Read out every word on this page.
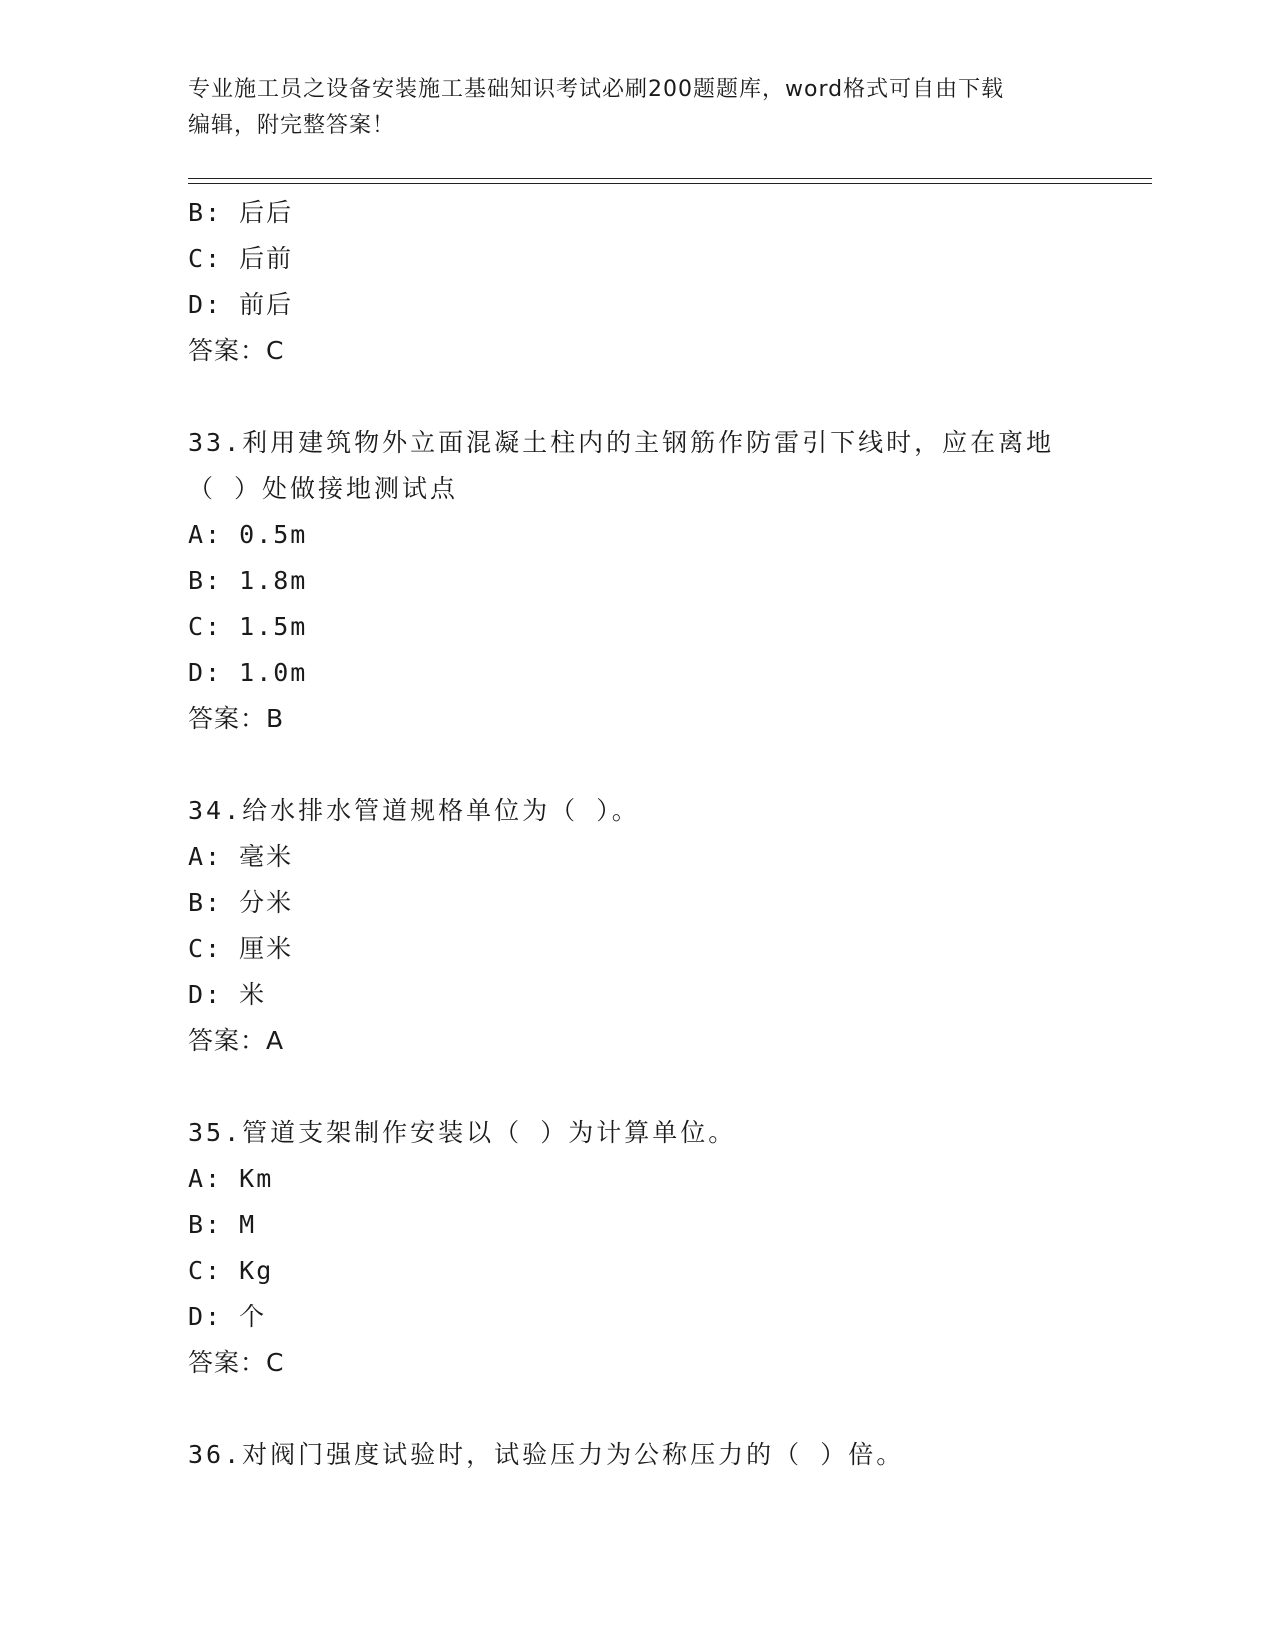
专业施工员之设备安装施工基础知识考试必刷200题题库，word格式可自由下载
编辑，附完整答案！
B: 后后
C: 后前
D: 前后
答案：C
33.利用建筑物外立面混凝土柱内的主钢筋作防雷引下线时，应在离地
（ ）处做接地测试点
A: 0.5m
B: 1.8m
C: 1.5m
D: 1.0m
答案：B
34.给水排水管道规格单位为（ ）。
A: 毫米
B: 分米
C: 厘米
D: 米
答案：A
35.管道支架制作安装以（ ）为计算单位。
A: Km
B: M
C: Kg
D: 个
答案：C
36.对阀门强度试验时，试验压力为公称压力的（ ）倍。
